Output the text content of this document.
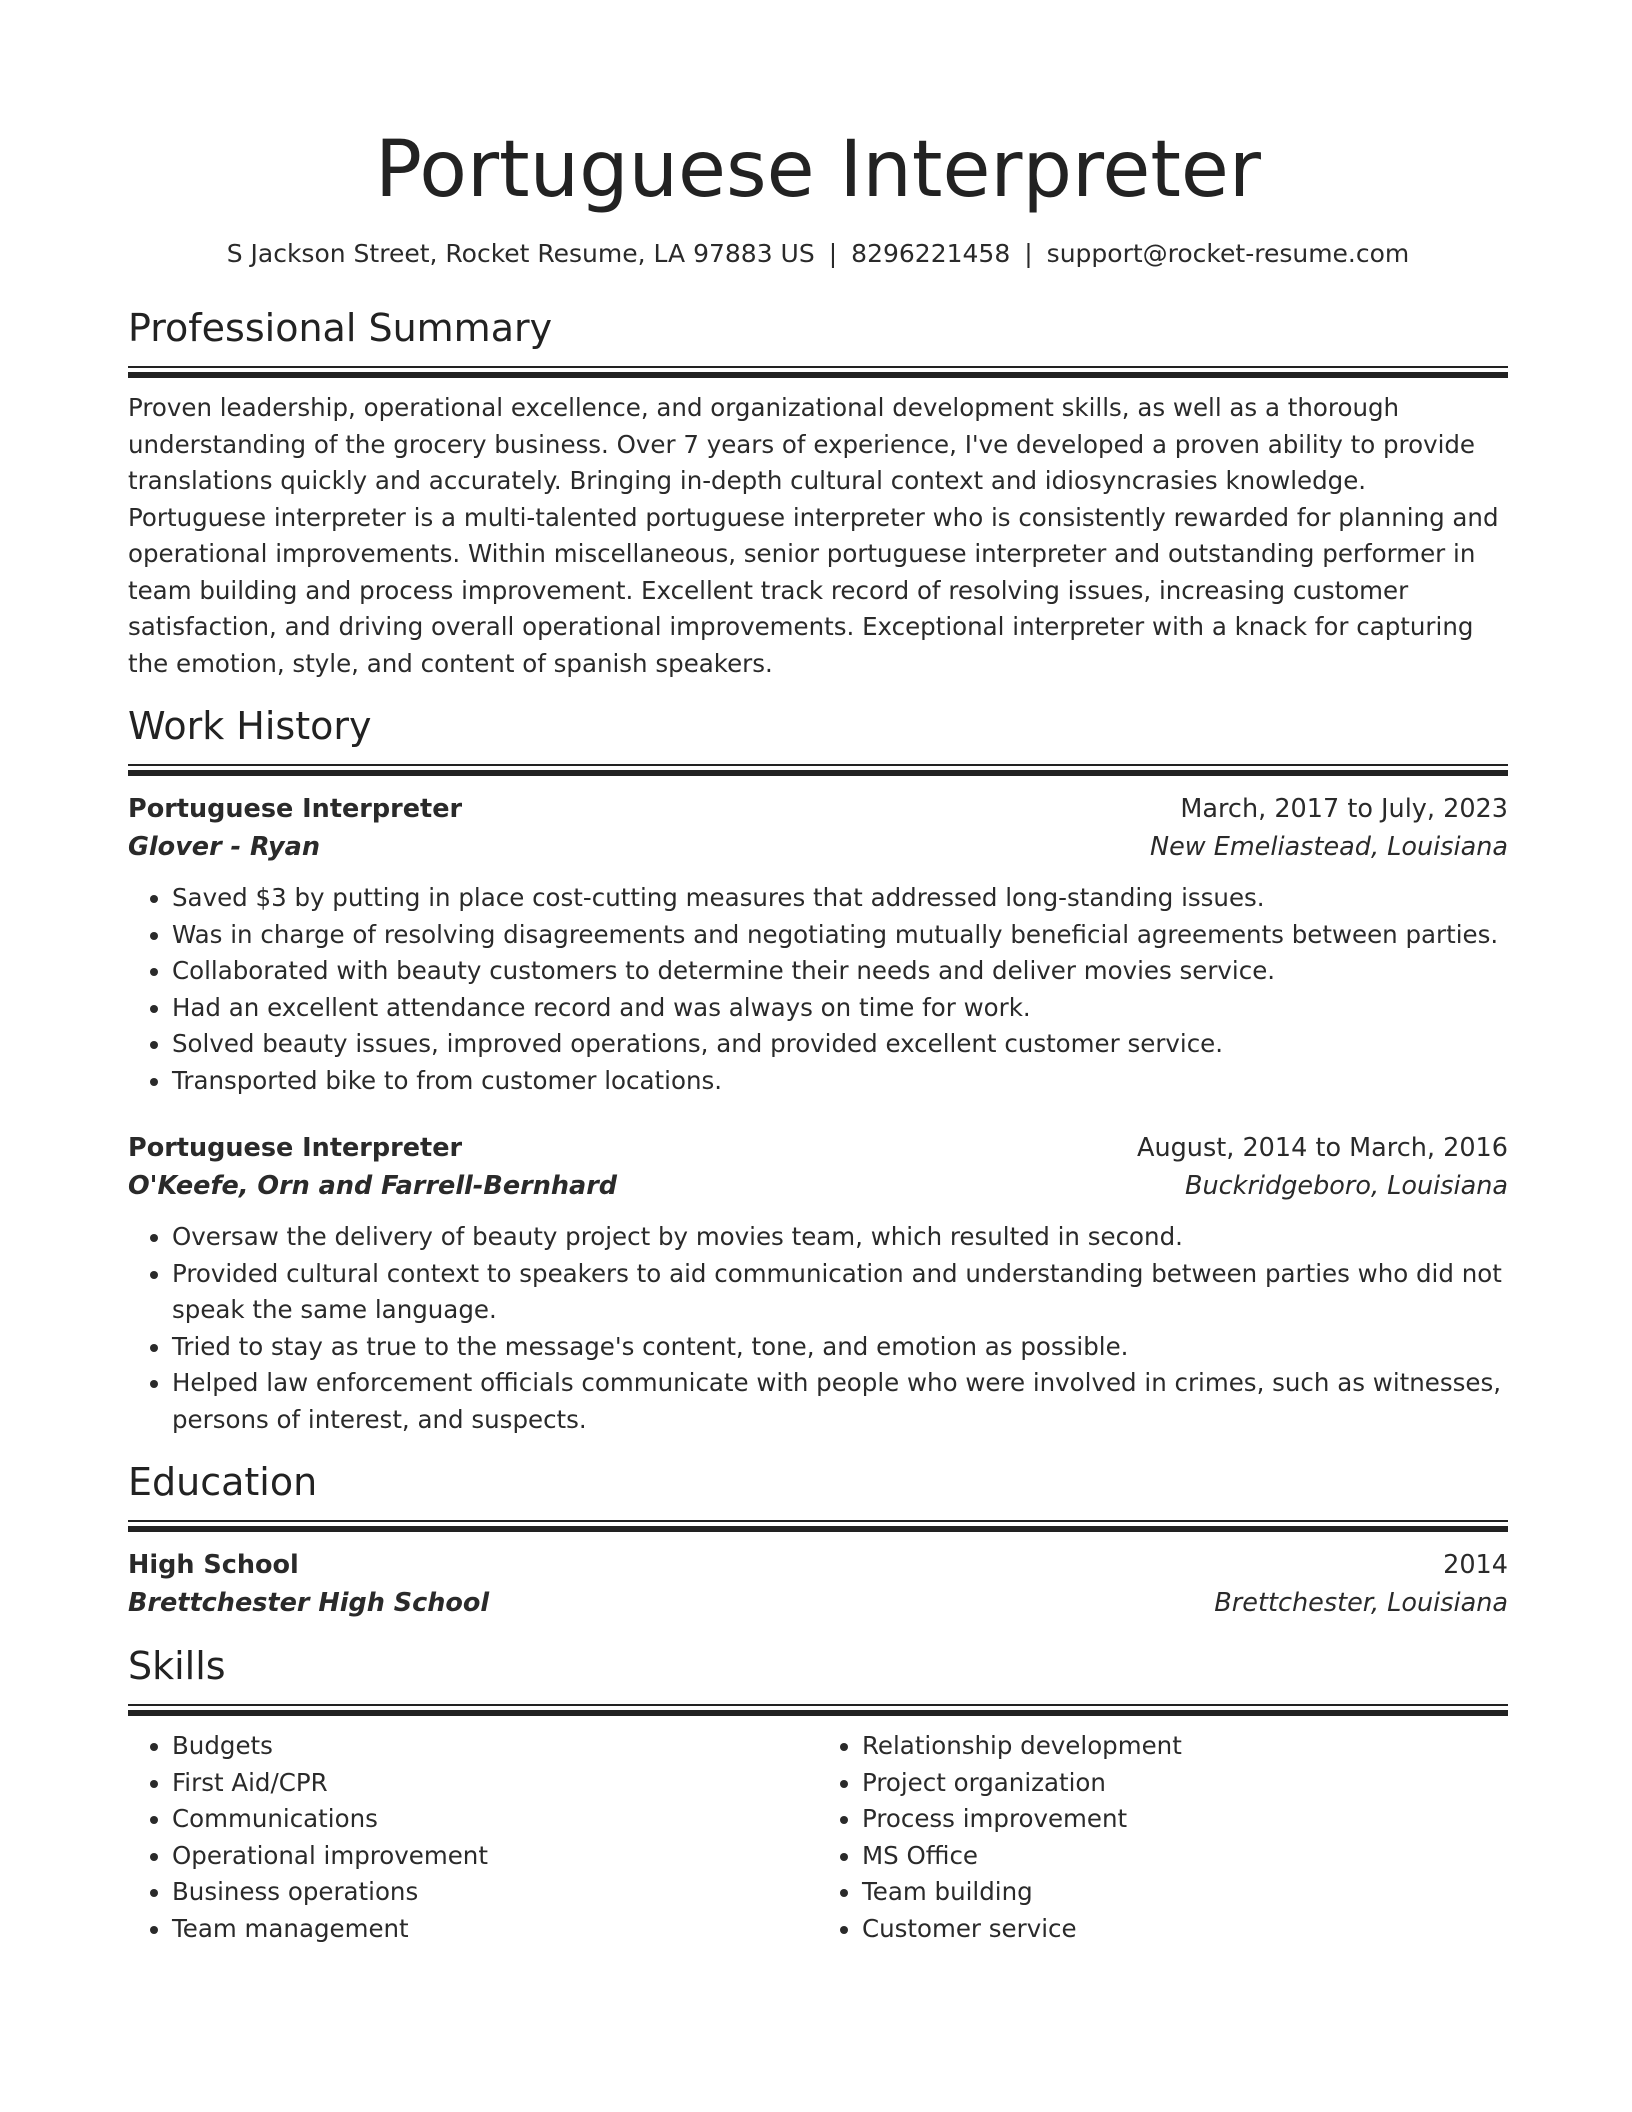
Portuguese Interpreter
S Jackson Street, Rocket Resume, LA 97883 US | 8296221458 | support@rocket-resume.com
Professional Summary

Proven leadership, operational excellence, and organizational development skills, as well as a thorough understanding of the grocery business. Over 7 years of experience, I've developed a proven ability to provide translations quickly and accurately. Bringing in-depth cultural context and idiosyncrasies knowledge. Portuguese interpreter is a multi-talented portuguese interpreter who is consistently rewarded for planning and operational improvements. Within miscellaneous, senior portuguese interpreter and outstanding performer in team building and process improvement. Excellent track record of resolving issues, increasing customer satisfaction, and driving overall operational improvements. Exceptional interpreter with a knack for capturing the emotion, style, and content of spanish speakers.

Work History
Portuguese Interpreter	March, 2017 to July, 2023
Glover - Ryan	New Emeliastead, Louisiana
• Saved $3 by putting in place cost-cutting measures that addressed long-standing issues.
• Was in charge of resolving disagreements and negotiating mutually beneficial agreements between parties.
• Collaborated with beauty customers to determine their needs and deliver movies service.
• Had an excellent attendance record and was always on time for work.
• Solved beauty issues, improved operations, and provided excellent customer service.
• Transported bike to from customer locations.
Portuguese Interpreter	August, 2014 to March, 2016
O'Keefe, Orn and Farrell-Bernhard	Buckridgeboro, Louisiana
• Oversaw the delivery of beauty project by movies team, which resulted in second.
• Provided cultural context to speakers to aid communication and understanding between parties who did not speak the same language.
• Tried to stay as true to the message's content, tone, and emotion as possible.
• Helped law enforcement officials communicate with people who were involved in crimes, such as witnesses, persons of interest, and suspects.
Education
High School	2014
Brettchester High School	Brettchester, Louisiana
Skills
• Budgets
• First Aid/CPR
• Communications
• Operational improvement
• Business operations
• Team management
• Relationship development
• Project organization
• Process improvement
• MS Office
• Team building
• Customer service
